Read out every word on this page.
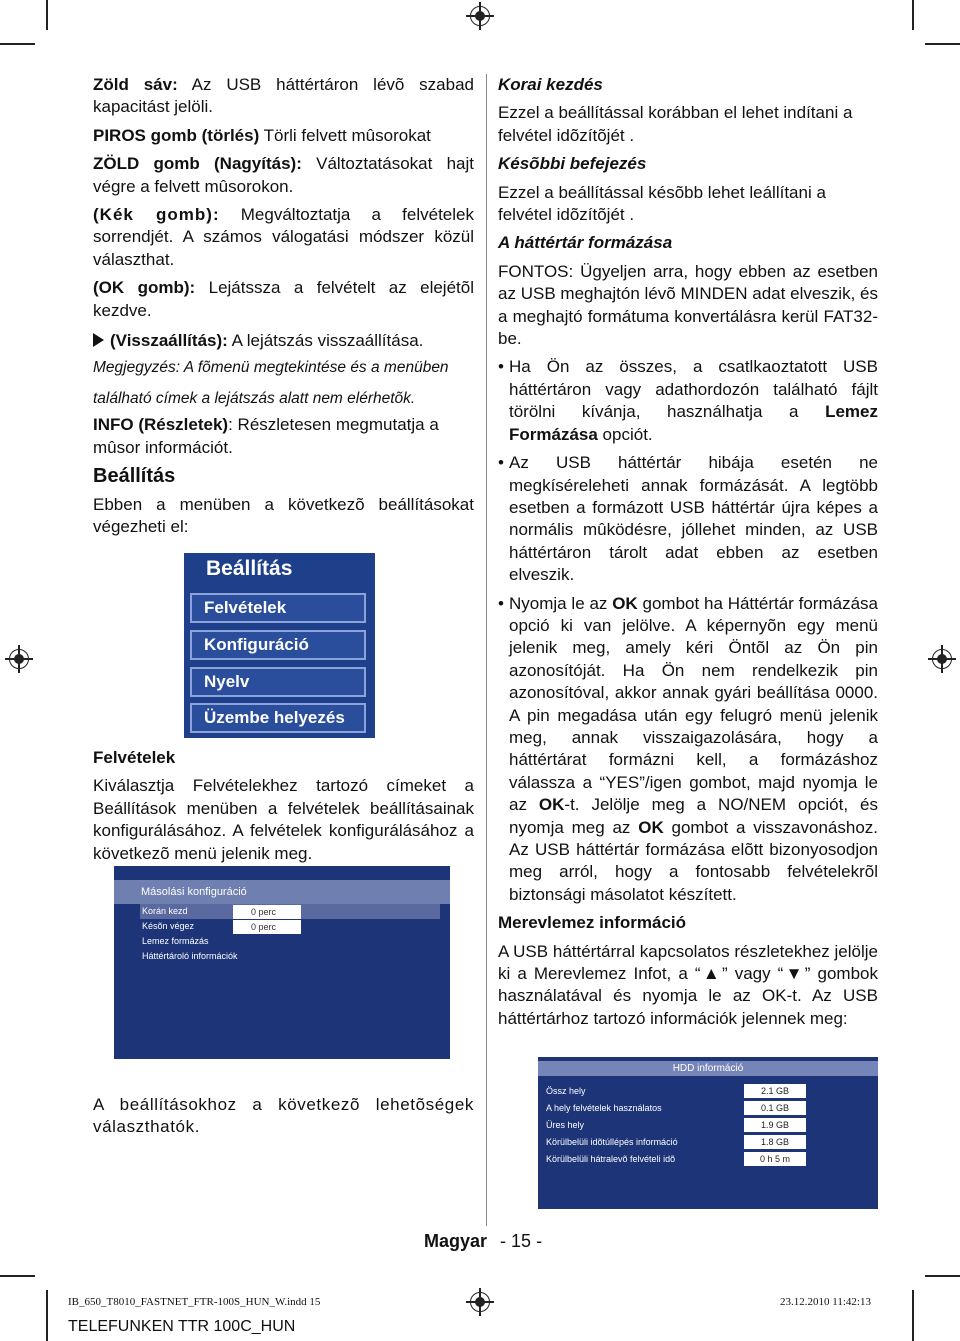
Zöld sáv: Az USB háttértáron lévõ szabad kapacitást jelöli.

PIROS gomb (törlés) Törli felvett mûsorokat

ZÖLD gomb (Nagyítás): Változtatásokat hajt végre a felvett mûsorokon.

(Kék gomb): Megváltoztatja a felvételek sorrendjét. A számos válogatási módszer közül választhat.

(OK gomb): Lejátssza a felvételt az elejétõl kezdve.

(Visszaállítás): A lejátszás visszaállítása.

Megjegyzés: A fõmenü megtekintése és a menüben található címek a lejátszás alatt nem elérhetõk.

INFO (Részletek): Részletesen megmutatja a mûsor információt.

Beállítás

Ebben a menüben a következõ beállításokat végezheti el:

Beállítás
Felvételek
Konfiguráció
Nyelv
Üzembe helyezés

Felvételek

Kiválasztja Felvételekhez tartozó címeket a Beállítások menüben a felvételek beállításainak konfigurálásához. A felvételek konfigurálásához a következõ menü jelenik meg.

Másolási konfiguráció
Korán kezd	0 perc
Késõn végez	0 perc
Lemez formázás
Háttértároló információk

A beállításokhoz a következõ lehetõségek választhatók.

Korai kezdés

Ezzel a beállítással korábban el lehet indítani a felvétel idõzítõjét .

Késõbbi befejezés

Ezzel a beállítással késõbb lehet leállítani a felvétel idõzítõjét .

A háttértár formázása

FONTOS: Ügyeljen arra, hogy ebben az esetben az USB meghajtón lévõ MINDEN adat elveszik, és a meghajtó formátuma konvertálásra kerül FAT32-be.

• Ha Ön az összes, a csatlkaoztatott USB háttértáron vagy adathordozón található fájlt törölni kívánja, használhatja a Lemez Formázása opciót.
• Az USB háttértár hibája esetén ne megkíséreleheti annak formázását. A legtöbb esetben a formázott USB háttértár újra képes a normális mûködésre, jóllehet minden, az USB háttértáron tárolt adat ebben az esetben elveszik.
• Nyomja le az OK gombot ha Háttértár formázása opció ki van jelölve. A képernyõn egy menü jelenik meg, amely kéri Öntõl az Ön pin azonosítóját. Ha Ön nem rendelkezik pin azonosítóval, akkor annak gyári beállítása 0000. A pin megadása után egy felugró menü jelenik meg, annak visszaigazolására, hogy a háttértárat formázni kell, a formázáshoz válassza a “YES”/igen gombot, majd nyomja le az OK-t. Jelölje meg a NO/NEM opciót, és nyomja meg az OK gombot a visszavonáshoz. Az USB háttértár formázása elõtt bizonyosodjon meg arról, hogy a fontosabb felvételekrõl biztonsági másolatot készített.

Merevlemez információ

A USB háttértárral kapcsolatos részletekhez jelölje ki a Merevlemez Infot, a “▲” vagy “▼” gombok használatával és nyomja le az OK-t. Az USB háttértárhoz tartozó információk jelennek meg:

HDD információ
Össz hely	2.1 GB
A hely felvételek használatos	0.1 GB
Üres hely	1.9 GB
Körülbelüli idõtúllépés információ	1.8 GB
Körülbelüli hátralevõ felvételi idõ	0 h 5 m
Magyar - 15 -
IB_650_T8010_FASTNET_FTR-100S_HUN_W.indd 15	23.12.2010 11:42:13
TELEFUNKEN TTR 100C_HUN
